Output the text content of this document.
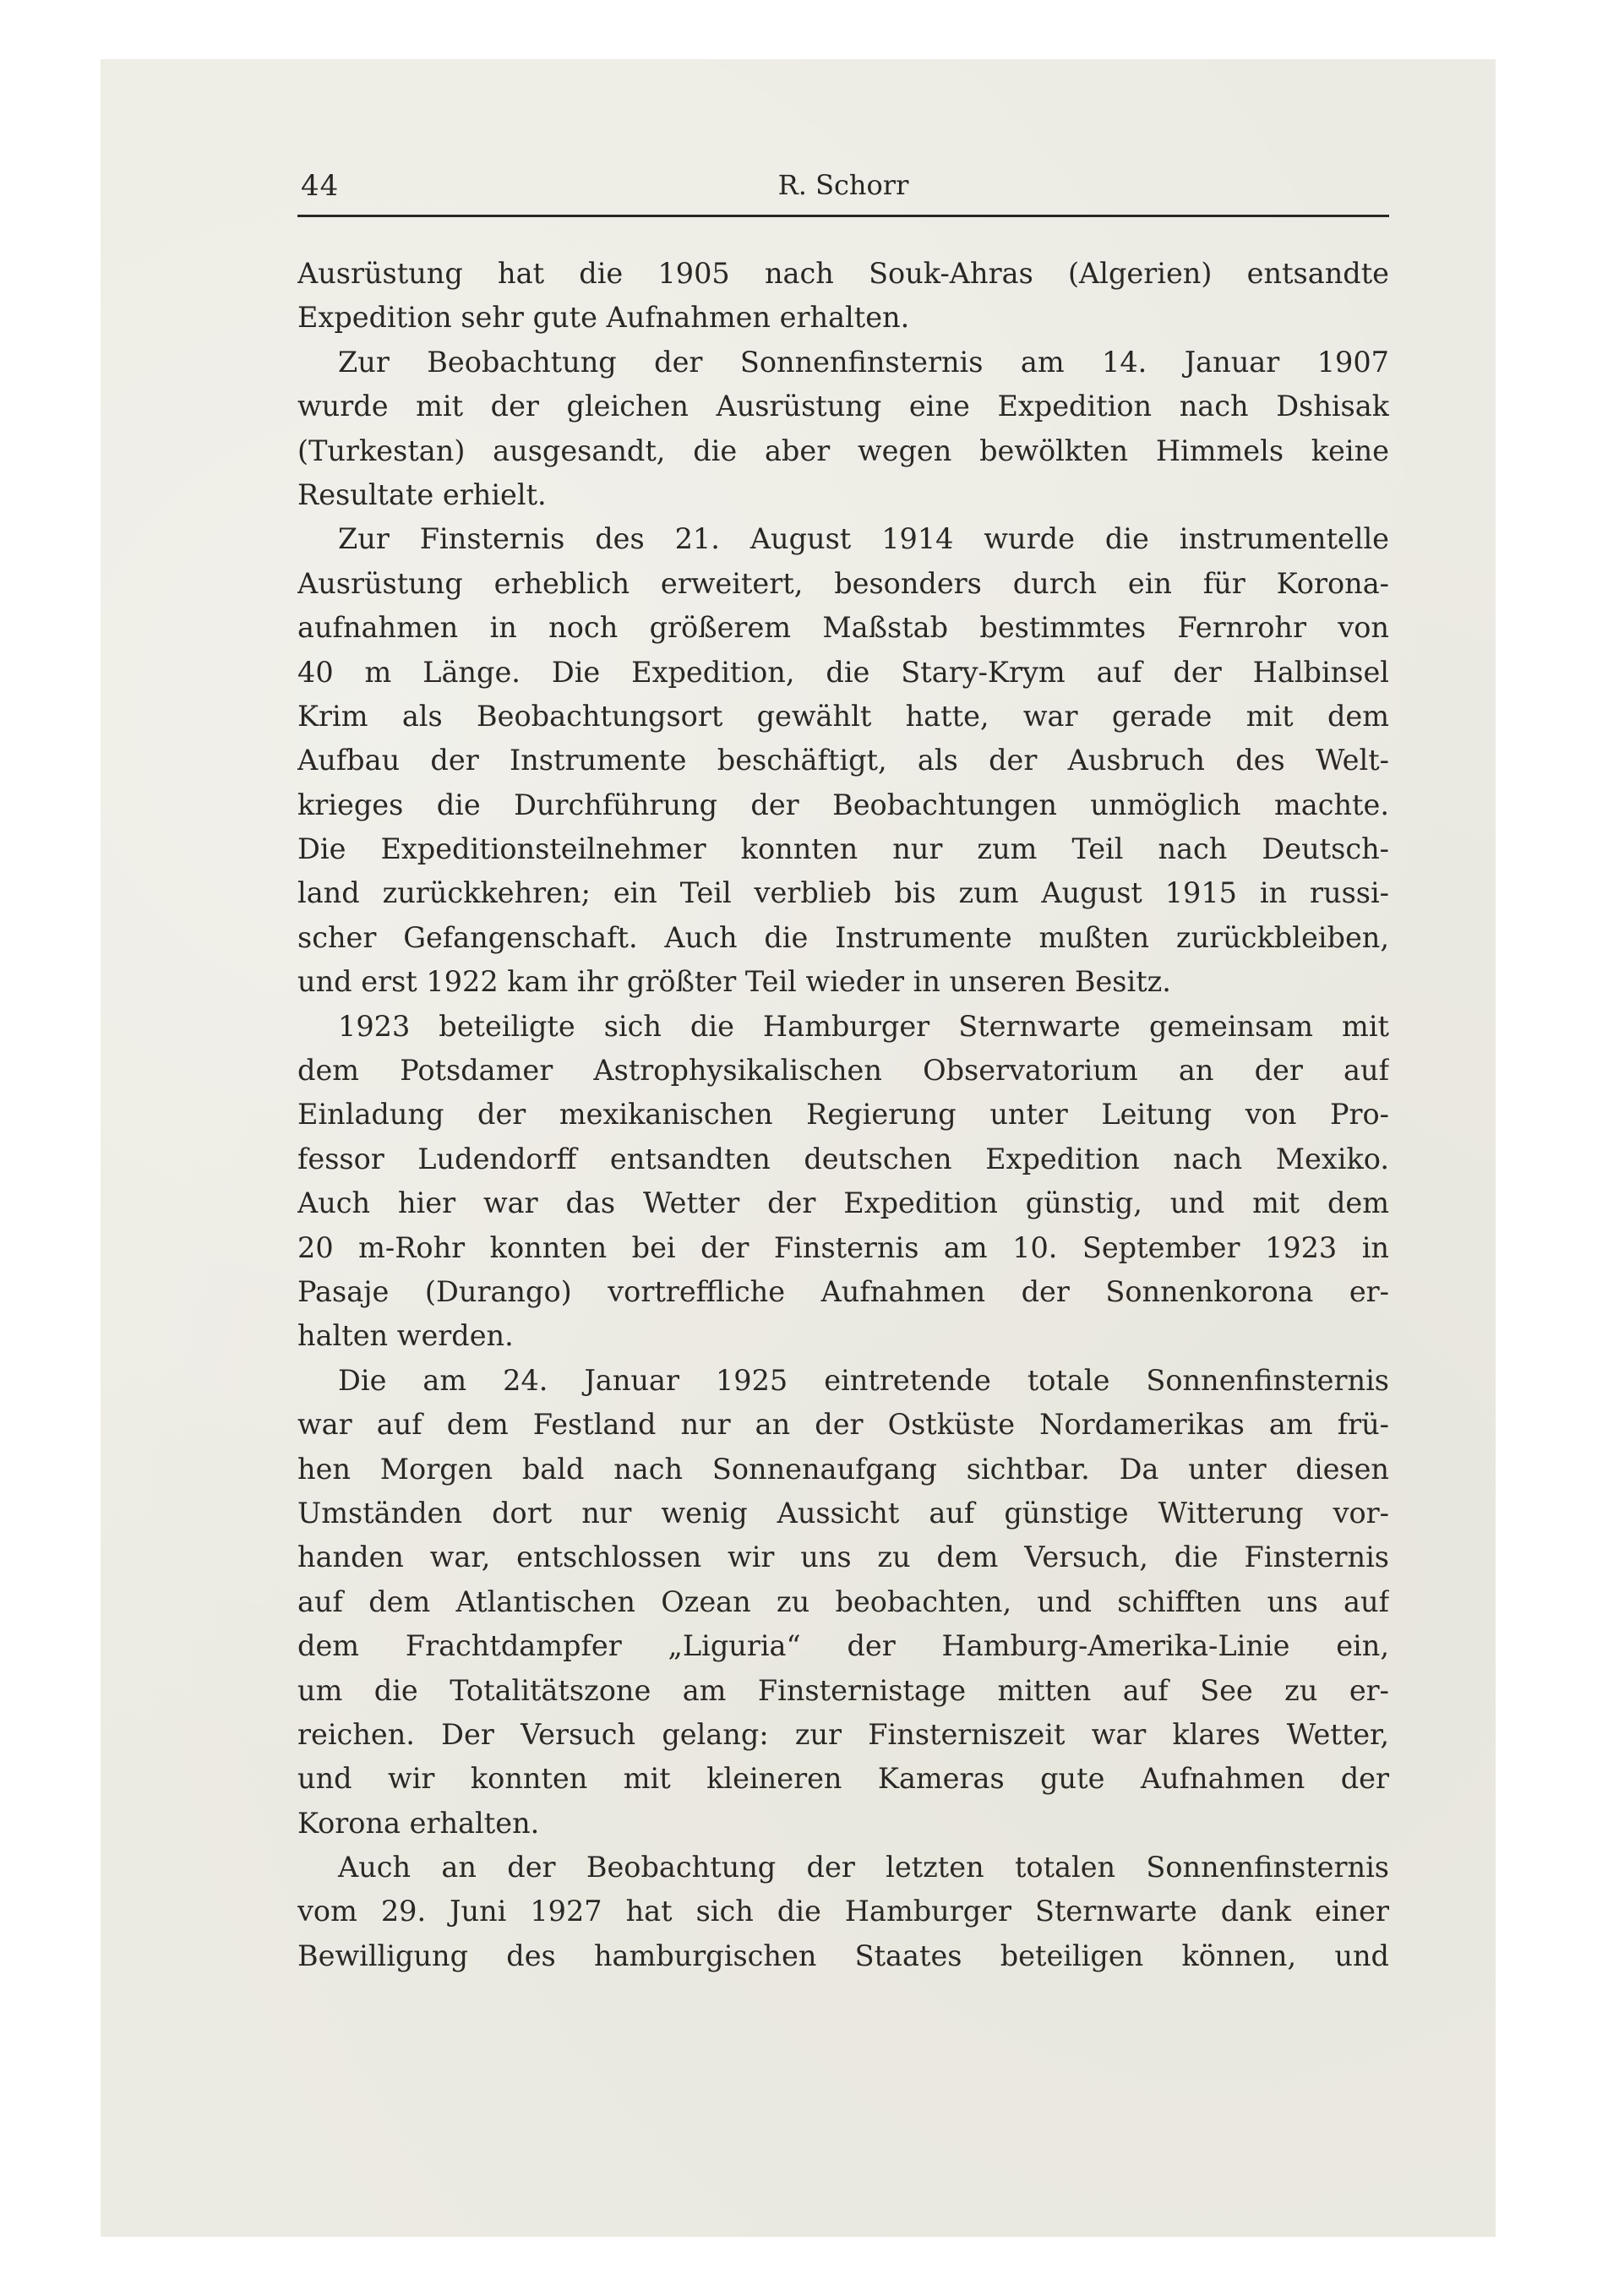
44	R. Schorr
Ausrüstung hat die 1905 nach Souk-Ahras (Algerien) entsandte
Expedition sehr gute Aufnahmen erhalten.
Zur Beobachtung der Sonnenfinsternis am 14. Januar 1907
wurde mit der gleichen Ausrüstung eine Expedition nach Dshisak
(Turkestan) ausgesandt, die aber wegen bewölkten Himmels keine
Resultate erhielt.
Zur Finsternis des 21. August 1914 wurde die instrumentelle
Ausrüstung erheblich erweitert, besonders durch ein für Korona-
aufnahmen in noch größerem Maßstab bestimmtes Fernrohr von
40 m Länge. Die Expedition, die Stary-Krym auf der Halbinsel
Krim als Beobachtungsort gewählt hatte, war gerade mit dem
Aufbau der Instrumente beschäftigt, als der Ausbruch des Welt-
krieges die Durchführung der Beobachtungen unmöglich machte.
Die Expeditionsteilnehmer konnten nur zum Teil nach Deutsch-
land zurückkehren; ein Teil verblieb bis zum August 1915 in russi-
scher Gefangenschaft. Auch die Instrumente mußten zurückbleiben,
und erst 1922 kam ihr größter Teil wieder in unseren Besitz.
1923 beteiligte sich die Hamburger Sternwarte gemeinsam mit
dem Potsdamer Astrophysikalischen Observatorium an der auf
Einladung der mexikanischen Regierung unter Leitung von Pro-
fessor Ludendorff entsandten deutschen Expedition nach Mexiko.
Auch hier war das Wetter der Expedition günstig, und mit dem
20 m-Rohr konnten bei der Finsternis am 10. September 1923 in
Pasaje (Durango) vortreffliche Aufnahmen der Sonnenkorona er-
halten werden.
Die am 24. Januar 1925 eintretende totale Sonnenfinsternis
war auf dem Festland nur an der Ostküste Nordamerikas am frü-
hen Morgen bald nach Sonnenaufgang sichtbar. Da unter diesen
Umständen dort nur wenig Aussicht auf günstige Witterung vor-
handen war, entschlossen wir uns zu dem Versuch, die Finsternis
auf dem Atlantischen Ozean zu beobachten, und schifften uns auf
dem Frachtdampfer „Liguria“ der Hamburg-Amerika-Linie ein,
um die Totalitätszone am Finsternistage mitten auf See zu er-
reichen. Der Versuch gelang: zur Finsterniszeit war klares Wetter,
und wir konnten mit kleineren Kameras gute Aufnahmen der
Korona erhalten.
Auch an der Beobachtung der letzten totalen Sonnenfinsternis
vom 29. Juni 1927 hat sich die Hamburger Sternwarte dank einer
Bewilligung des hamburgischen Staates beteiligen können, und
